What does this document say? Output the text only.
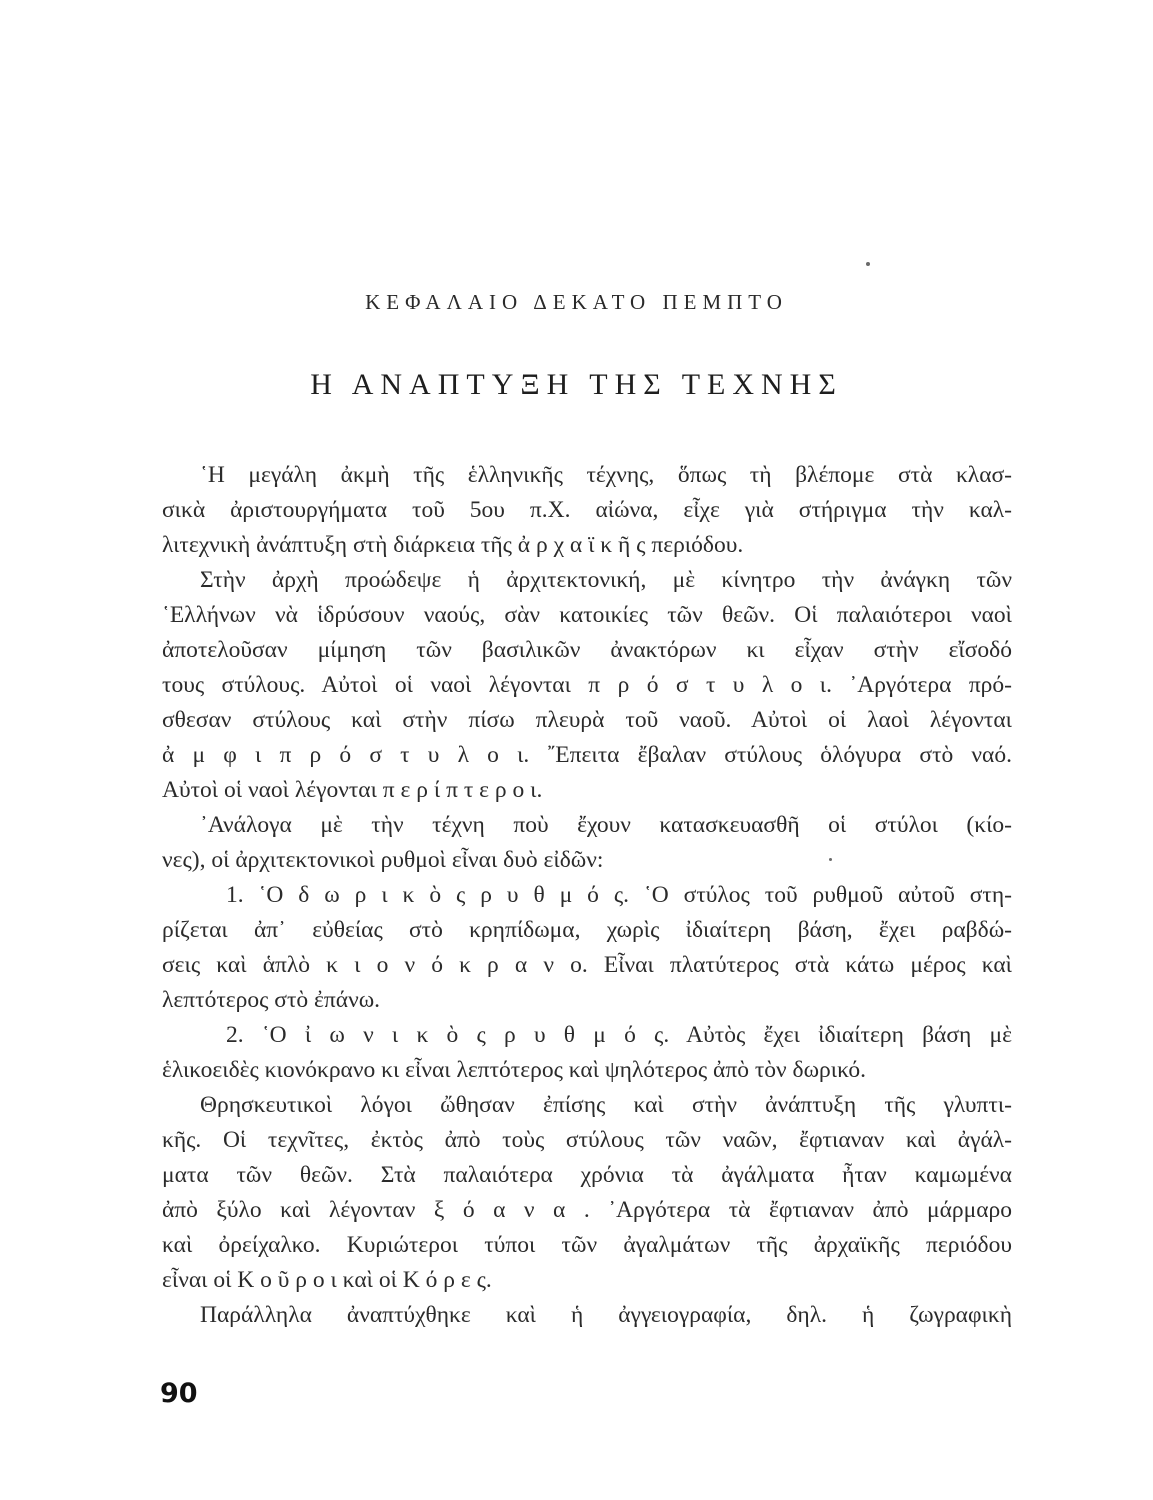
ΚΕΦΑΛΑΙΟ ΔΕΚΑΤΟ ΠΕΜΠΤΟ
Η ΑΝΑΠΤΥΞΗ ΤΗΣ ΤΕΧΝΗΣ
῾Η μεγάλη ἀκμὴ τῆς ἑλληνικῆς τέχνης, ὅπως τὴ βλέπομε στὰ κλασ-
σικὰ ἀριστουργήματα τοῦ 5ου π.Χ. αἰώνα, εἶχε γιὰ στήριγμα τὴν καλ-
λιτεχνικὴ ἀνάπτυξη στὴ διάρκεια τῆς ἀ ρ χ α ϊ κ ῆ ς περιόδου.
Στὴν ἀρχὴ προώδεψε ἡ ἀρχιτεκτονική, μὲ κίνητρο τὴν ἀνάγκη τῶν
῾Ελλήνων νὰ ἱδρύσουν ναούς, σὰν κατοικίες τῶν θεῶν. Οἱ παλαιότεροι ναοὶ
ἀποτελοῦσαν μίμηση τῶν βασιλικῶν ἀνακτόρων κι εἶχαν στὴν εἴσοδό
τους στύλους. Αὐτοὶ οἱ ναοὶ λέγονται π ρ ό σ τ υ λ ο ι. ᾿Αργότερα πρό-
σθεσαν στύλους καὶ στὴν πίσω πλευρὰ τοῦ ναοῦ. Αὐτοὶ οἱ λαοὶ λέγονται
ἀ μ φ ι π ρ ό σ τ υ λ ο ι. ῎Επειτα ἔβαλαν στύλους ὁλόγυρα στὸ ναό.
Αὐτοὶ οἱ ναοὶ λέγονται π ε ρ ί π τ ε ρ ο ι.
᾿Ανάλογα μὲ τὴν τέχνη ποὺ ἔχουν κατασκευασθῆ οἱ στύλοι (κίο-
νες), οἱ ἀρχιτεκτονικοὶ ρυθμοὶ εἶναι δυὸ εἰδῶν:
1. ῾Ο δ ω ρ ι κ ὸ ς ρ υ θ μ ό ς. ῾Ο στύλος τοῦ ρυθμοῦ αὐτοῦ στη-
ρίζεται ἀπ᾿ εὐθείας στὸ κρηπίδωμα, χωρὶς ἰδιαίτερη βάση, ἔχει ραβδώ-
σεις καὶ ἁπλὸ κ ι ο ν ό κ ρ α ν ο. Εἶναι πλατύτερος στὰ κάτω μέρος καὶ
λεπτότερος στὸ ἐπάνω.
2. ῾Ο ἰ ω ν ι κ ὸ ς ρ υ θ μ ό ς. Αὐτὸς ἔχει ἰδιαίτερη βάση μὲ
ἑλικοειδὲς κιονόκρανο κι εἶναι λεπτότερος καὶ ψηλότερος ἀπὸ τὸν δωρικό.
Θρησκευτικοὶ λόγοι ὤθησαν ἐπίσης καὶ στὴν ἀνάπτυξη τῆς γλυπτι-
κῆς. Οἱ τεχνῖτες, ἐκτὸς ἀπὸ τοὺς στύλους τῶν ναῶν, ἔφτιαναν καὶ ἀγάλ-
ματα τῶν θεῶν. Στὰ παλαιότερα χρόνια τὰ ἀγάλματα ἦταν καμωμένα
ἀπὸ ξύλο καὶ λέγονταν ξ ό α ν α . ᾿Αργότερα τὰ ἔφτιαναν ἀπὸ μάρμαρο
καὶ ὀρείχαλκο. Κυριώτεροι τύποι τῶν ἀγαλμάτων τῆς ἀρχαϊκῆς περιόδου
εἶναι οἱ Κ ο ῦ ρ ο ι καὶ οἱ Κ ό ρ ε ς.
Παράλληλα ἀναπτύχθηκε καὶ ἡ ἀγγειογραφία, δηλ. ἡ ζωγραφικὴ
90
